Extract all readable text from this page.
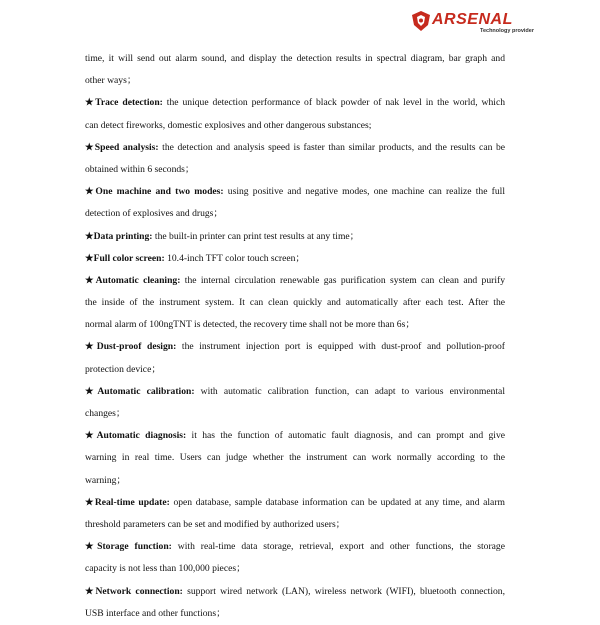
ARSENAL
Technology provider
time, it will send out alarm sound, and display the detection results in spectral diagram, bar graph and
other ways；
★Trace detection: the unique detection performance of black powder of nak level in the world, which
can detect fireworks, domestic explosives and other dangerous substances;
★Speed analysis: the detection and analysis speed is faster than similar products, and the results can be
obtained within 6 seconds；
★One machine and two modes: using positive and negative modes, one machine can realize the full
detection of explosives and drugs；
★Data printing: the built-in printer can print test results at any time；
★Full color screen: 10.4-inch TFT color touch screen；
★Automatic cleaning: the internal circulation renewable gas purification system can clean and purify
the inside of the instrument system. It can clean quickly and automatically after each test. After the
normal alarm of 100ngTNT is detected, the recovery time shall not be more than 6s；
★Dust-proof design: the instrument injection port is equipped with dust-proof and pollution-proof
protection device；
★Automatic calibration: with automatic calibration function, can adapt to various environmental
changes；
★Automatic diagnosis: it has the function of automatic fault diagnosis, and can prompt and give
warning in real time. Users can judge whether the instrument can work normally according to the
warning；
★Real-time update: open database, sample database information can be updated at any time, and alarm
threshold parameters can be set and modified by authorized users；
★Storage function: with real-time data storage, retrieval, export and other functions, the storage
capacity is not less than 100,000 pieces；
★Network connection: support wired network (LAN), wireless network (WIFI), bluetooth connection,
USB interface and other functions；
